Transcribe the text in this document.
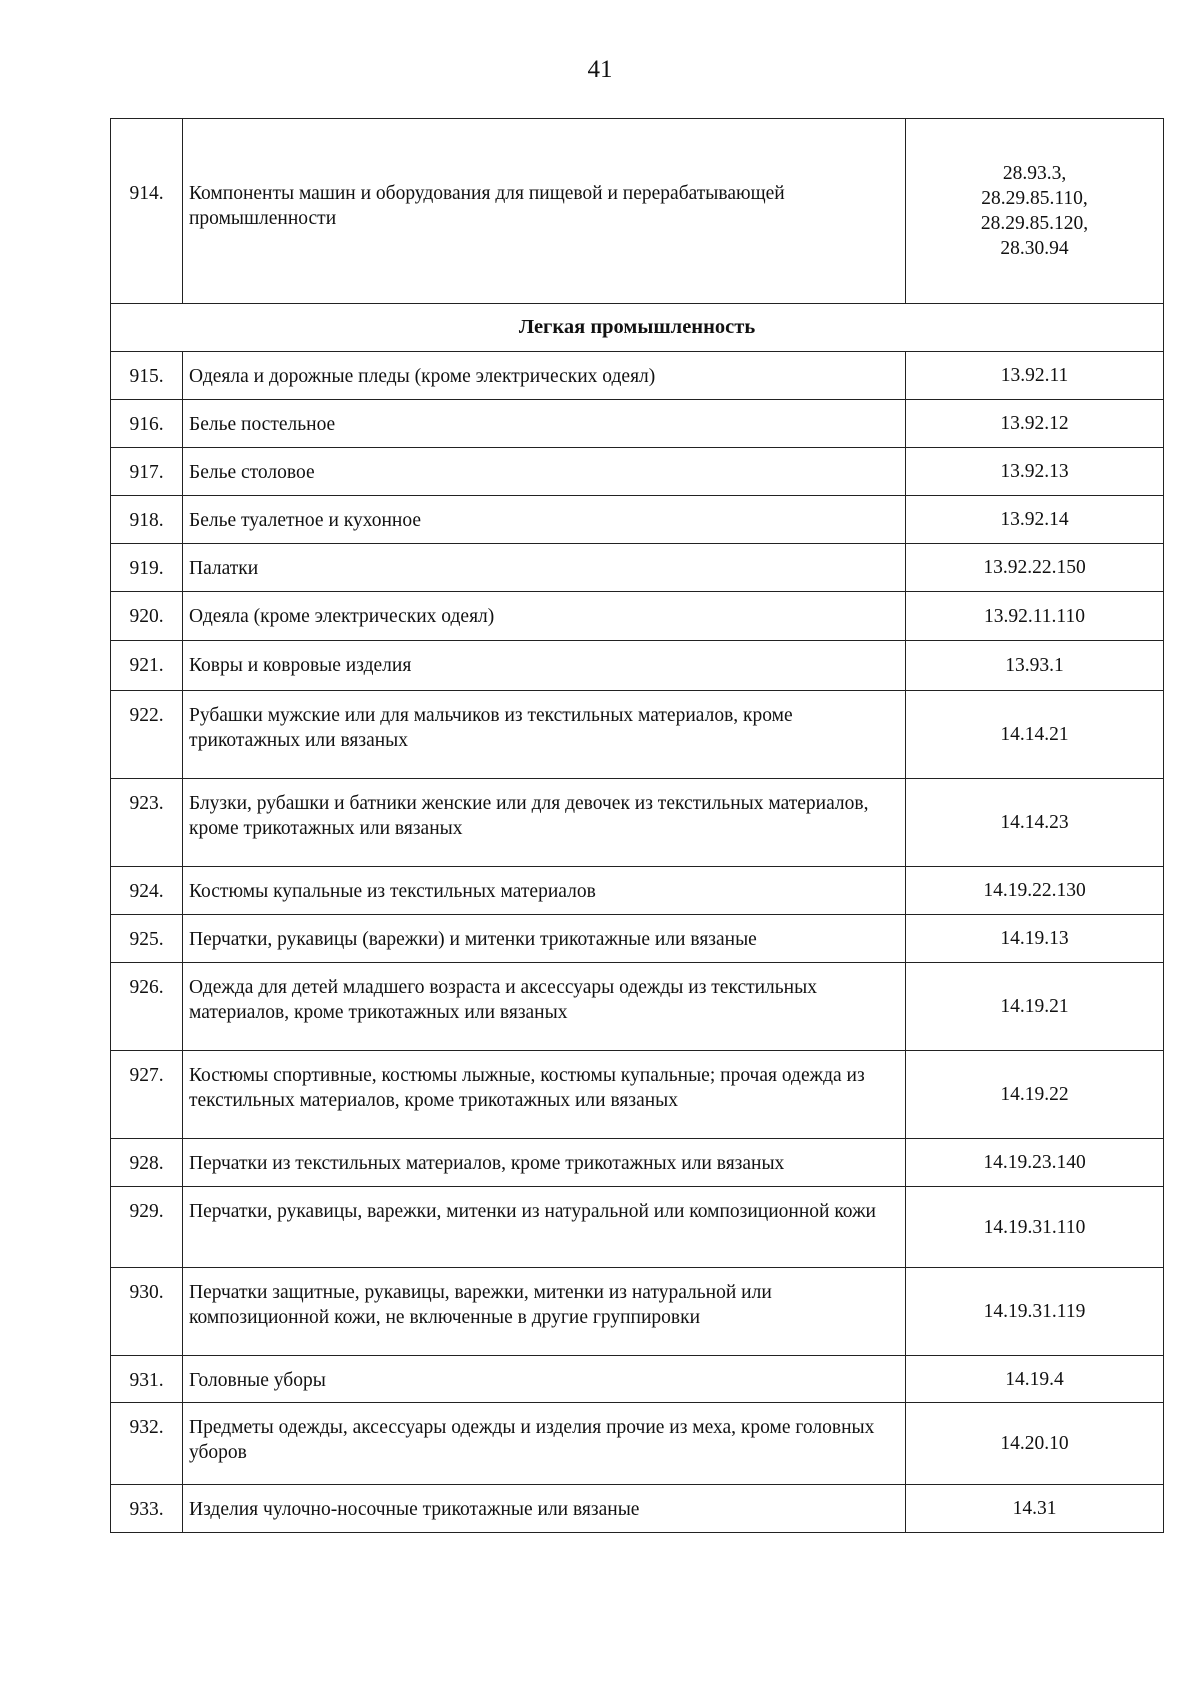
41
914.	Компоненты машин и оборудования для пищевой и перерабатывающей промышленности	28.93.3,
28.29.85.110,
28.29.85.120,
28.30.94

Легкая промышленность		
915.	Одеяла и дорожные пледы (кроме электрических одеял)	13.92.11
916.	Белье постельное	13.92.12
917.	Белье столовое	13.92.13
918.	Белье туалетное и кухонное	13.92.14
919.	Палатки	13.92.22.150
920.	Одеяла (кроме электрических одеял)	13.92.11.110
921.	Ковры и ковровые изделия	13.93.1
922.	Рубашки мужские или для мальчиков из текстильных материалов, кроме трикотажных или вязаных	14.14.21
923.	Блузки, рубашки и батники женские или для девочек из текстильных материалов, кроме трикотажных или вязаных	14.14.23
924.	Костюмы купальные из текстильных материалов	14.19.22.130
925.	Перчатки, рукавицы (варежки) и митенки трикотажные или вязаные	14.19.13
926.	Одежда для детей младшего возраста и аксессуары одежды из текстильных материалов, кроме трикотажных или вязаных	14.19.21
927.	Костюмы спортивные, костюмы лыжные, костюмы купальные; прочая одежда из текстильных материалов, кроме трикотажных или вязаных	14.19.22
928.	Перчатки из текстильных материалов, кроме трикотажных или вязаных	14.19.23.140
929.	Перчатки, рукавицы, варежки, митенки из натуральной или композиционной кожи	14.19.31.110
930.	Перчатки защитные, рукавицы, варежки, митенки из натуральной или композиционной кожи, не включенные в другие группировки	14.19.31.119
931.	Головные уборы	14.19.4
932.	Предметы одежды, аксессуары одежды и изделия прочие из меха, кроме головных уборов	14.20.10
933.	Изделия чулочно-носочные трикотажные или вязаные	14.31
